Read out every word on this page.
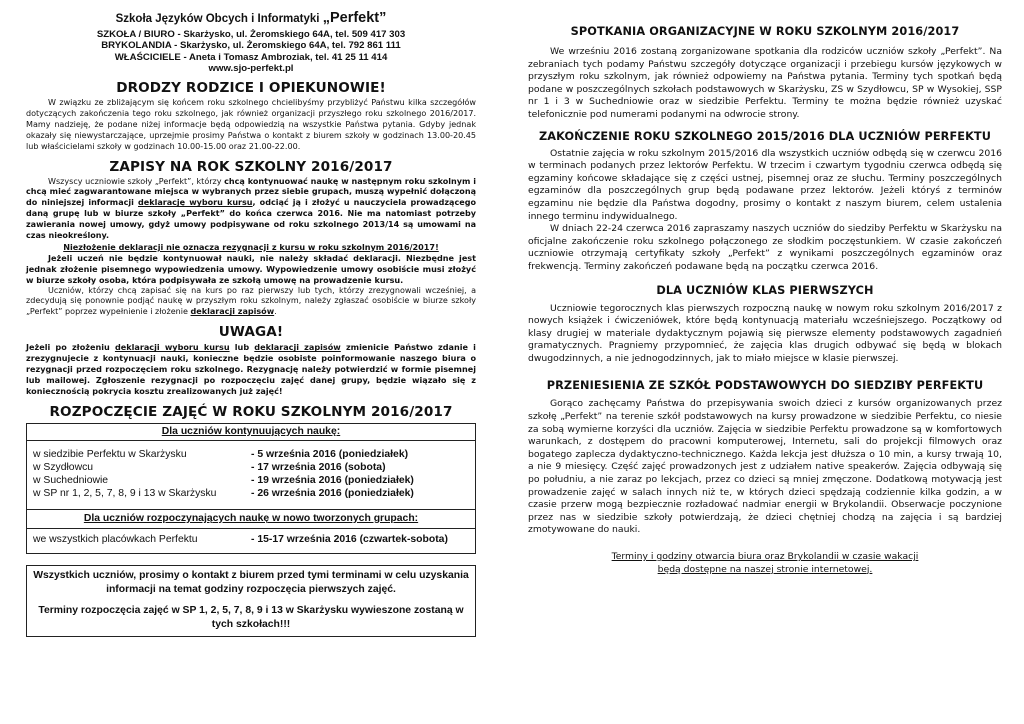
Szkoła Języków Obcych i Informatyki „Perfekt”
SZKOŁA / BIURO - Skarżysko, ul. Żeromskiego 64A, tel. 509 417 303
BRYKOLANDIA - Skarżysko, ul. Żeromskiego 64A, tel. 792 861 111
WŁAŚCICIELE - Aneta i Tomasz Ambroziak, tel. 41 25 11 414
www.sjo-perfekt.pl
DRODZY RODZICE I OPIEKUNOWIE!

W związku ze zbliżającym się końcem roku szkolnego chcielibyśmy przybliżyć Państwu kilka szczegółów dotyczących zakończenia tego roku szkolnego, jak również organizacji przyszłego roku szkolnego 2016/2017. Mamy nadzieję, że podane niżej informacje będą odpowiedzią na wszystkie Państwa pytania. Gdyby jednak okazały się niewystarczające, uprzejmie prosimy Państwa o kontakt z biurem szkoły w godzinach 13.00-20.45 lub właścicielami szkoły w godzinach 10.00-15.00 oraz 21.00-22.00.

ZAPISY NA ROK SZKOLNY 2016/2017

Wszyscy uczniowie szkoły „Perfekt”, którzy chcą kontynuować naukę w następnym roku szkolnym i chcą mieć zagwarantowane miejsca w wybranych przez siebie grupach, muszą wypełnić dołączoną do niniejszej informacji deklarację wyboru kursu, odciąć ją i złożyć u nauczyciela prowadzącego daną grupę lub w biurze szkoły „Perfekt” do końca czerwca 2016. Nie ma natomiast potrzeby zawierania nowej umowy, gdyż umowy podpisywane od roku szkolnego 2013/14 są umowami na czas nieokreślony.

Niezłożenie deklaracji nie oznacza rezygnacji z kursu w roku szkolnym 2016/2017!

Jeżeli uczeń nie będzie kontynuował nauki, nie należy składać deklaracji. Niezbędne jest jednak złożenie pisemnego wypowiedzenia umowy. Wypowiedzenie umowy osobiście musi złożyć w biurze szkoły osoba, która podpisywała ze szkołą umowę na prowadzenie kursu.

Uczniów, którzy chcą zapisać się na kurs po raz pierwszy lub tych, którzy zrezygnowali wcześniej, a zdecydują się ponownie podjąć naukę w przyszłym roku szkolnym, należy zgłaszać osobiście w biurze szkoły „Perfekt” poprzez wypełnienie i złożenie deklaracji zapisów.

UWAGA!

Jeżeli po złożeniu deklaracji wyboru kursu lub deklaracji zapisów zmienicie Państwo zdanie i zrezygnujecie z kontynuacji nauki, konieczne będzie osobiste poinformowanie naszego biura o rezygnacji przed rozpoczęciem roku szkolnego. Rezygnację należy potwierdzić w formie pisemnej lub mailowej. Zgłoszenie rezygnacji po rozpoczęciu zajęć danej grupy, będzie wiązało się z koniecznością pokrycia kosztu zrealizowanych już zajęć!

ROZPOCZĘCIE ZAJĘĆ W ROKU SZKOLNYM 2016/2017
Dla uczniów kontynuujących naukę:
w siedzibie Perfektu w Skarżysku	- 5 września 2016 (poniedziałek)
w Szydłowcu	- 17 września 2016 (sobota)
w Suchedniowie	- 19 września 2016 (poniedziałek)
w SP nr 1, 2, 5, 7, 8, 9 i 13 w Skarżysku	- 26 września 2016 (poniedziałek)
Dla uczniów rozpoczynających naukę w nowo tworzonych grupach:
we wszystkich placówkach Perfektu	- 15-17 września 2016 (czwartek-sobota)
Wszystkich uczniów, prosimy o kontakt z biurem przed tymi terminami w celu uzyskania informacji na temat godziny rozpoczęcia pierwszych zajęć.
Terminy rozpoczęcia zajęć w SP 1, 2, 5, 7, 8, 9 i 13 w Skarżysku wywieszone zostaną w tych szkołach!!!
SPOTKANIA ORGANIZACYJNE W ROKU SZKOLNYM 2016/2017

We wrześniu 2016 zostaną zorganizowane spotkania dla rodziców uczniów szkoły „Perfekt”. Na zebraniach tych podamy Państwu szczegóły dotyczące organizacji i przebiegu kursów językowych w przyszłym roku szkolnym, jak również odpowiemy na Państwa pytania. Terminy tych spotkań będą podane w poszczególnych szkołach podstawowych w Skarżysku, ZS w Szydłowcu, SP w Wysokiej, SSP nr 1 i 3 w Suchedniowie oraz w siedzibie Perfektu. Terminy te można będzie również uzyskać telefonicznie pod numerami podanymi na odwrocie strony.

ZAKOŃCZENIE ROKU SZKOLNEGO 2015/2016 DLA UCZNIÓW PERFEKTU

Ostatnie zajęcia w roku szkolnym 2015/2016 dla wszystkich uczniów odbędą się w czerwcu 2016 w terminach podanych przez lektorów Perfektu. W trzecim i czwartym tygodniu czerwca odbędą się egzaminy końcowe składające się z części ustnej, pisemnej oraz ze słuchu. Terminy poszczególnych egzaminów dla poszczególnych grup będą podawane przez lektorów. Jeżeli któryś z terminów egzaminu nie będzie dla Państwa dogodny, prosimy o kontakt z naszym biurem, celem ustalenia innego terminu indywidualnego.

W dniach 22-24 czerwca 2016 zapraszamy naszych uczniów do siedziby Perfektu w Skarżysku na oficjalne zakończenie roku szkolnego połączonego ze słodkim poczęstunkiem. W czasie zakończeń uczniowie otrzymają certyfikaty szkoły „Perfekt” z wynikami poszczególnych egzaminów oraz frekwencją. Terminy zakończeń podawane będą na początku czerwca 2016.

DLA UCZNIÓW KLAS PIERWSZYCH

Uczniowie tegorocznych klas pierwszych rozpoczną naukę w nowym roku szkolnym 2016/2017 z nowych książek i ćwiczeniówek, które będą kontynuacją materiału wcześniejszego. Początkowy od klasy drugiej w materiale dydaktycznym pojawią się pierwsze elementy podstawowych zagadnień gramatycznych. Pragniemy przypomnieć, że zajęcia klas drugich odbywać się będą w blokach dwugodzinnych, a nie jednogodzinnych, jak to miało miejsce w klasie pierwszej.

PRZENIESIENIA ZE SZKÓŁ PODSTAWOWYCH DO SIEDZIBY PERFEKTU

Gorąco zachęcamy Państwa do przepisywania swoich dzieci z kursów organizowanych przez szkołę „Perfekt” na terenie szkół podstawowych na kursy prowadzone w siedzibie Perfektu, co niesie za sobą wymierne korzyści dla uczniów. Zajęcia w siedzibie Perfektu prowadzone są w komfortowych warunkach, z dostępem do pracowni komputerowej, Internetu, sali do projekcji filmowych oraz bogatego zaplecza dydaktyczno-technicznego. Każda lekcja jest dłuższa o 10 min, a kursy trwają 10, a nie 9 miesięcy. Część zajęć prowadzonych jest z udziałem native speakerów. Zajęcia odbywają się po południu, a nie zaraz po lekcjach, przez co dzieci są mniej zmęczone. Dodatkową motywacją jest prowadzenie zajęć w salach innych niż te, w których dzieci spędzają codziennie kilka godzin, a w czasie przerw mogą bezpiecznie rozładować nadmiar energii w Brykolandii. Obserwacje poczynione przez nas w siedzibie szkoły potwierdzają, że dzieci chętniej chodzą na zajęcia i są bardziej zmotywowane do nauki.

Terminy i godziny otwarcia biura oraz Brykolandii w czasie wakacji
będą dostępne na naszej stronie internetowej.
